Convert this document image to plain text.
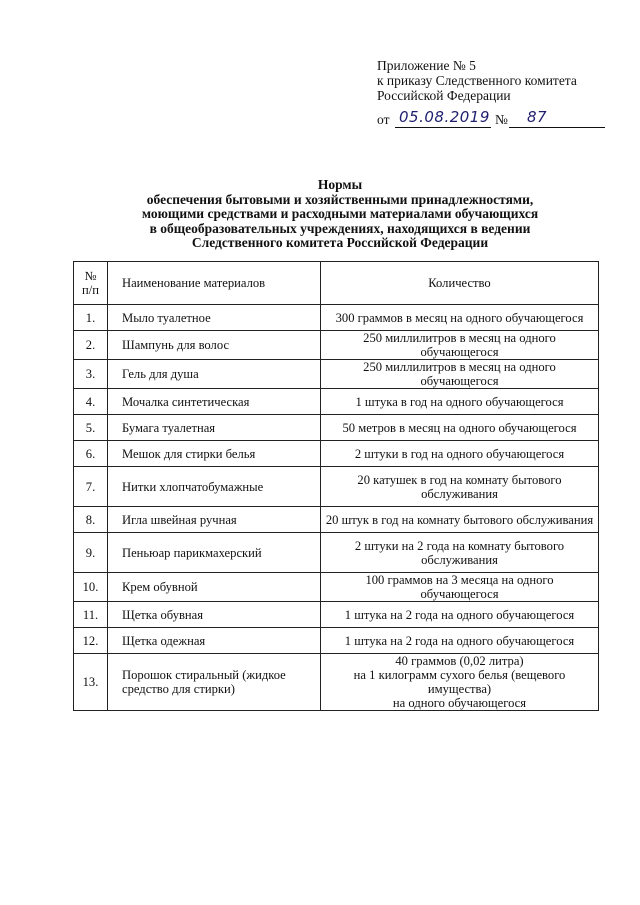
Приложение № 5
к приказу Следственного комитета
Российской Федерации
от 05.08.2019 № 87
Нормы
обеспечения бытовыми и хозяйственными принадлежностями,
моющими средствами и расходными материалами обучающихся
в общеобразовательных учреждениях, находящихся в ведении
Следственного комитета Российской Федерации
№
п/п	Наименование материалов	Количество
1.	Мыло туалетное	300 граммов в месяц на одного обучающегося

2.	Шампунь для волос	250 миллилитров в месяц на одного обучающегося

3.	Гель для душа	250 миллилитров в месяц на одного обучающегося

4.	Мочалка синтетическая	1 штука в год на одного обучающегося

5.	Бумага туалетная	50 метров в месяц на одного обучающегося

6.	Мешок для стирки белья	2 штуки в год на одного обучающегося

7.	Нитки хлопчатобумажные	20 катушек в год на комнату бытового
обслуживания

8.	Игла швейная ручная	20 штук в год на комнату бытового обслуживания

9.	Пеньюар парикмахерский	2 штуки на 2 года на комнату бытового
обслуживания

10.	Крем обувной	100 граммов на 3 месяца на одного обучающегося

11.	Щетка обувная	1 штука на 2 года на одного обучающегося

12.	Щетка одежная	1 штука на 2 года на одного обучающегося

13.	Порошок стиральный (жидкое средство для стирки)	40 граммов (0,02 литра)
на 1 килограмм сухого белья (вещевого имущества)
на одного обучающегося
